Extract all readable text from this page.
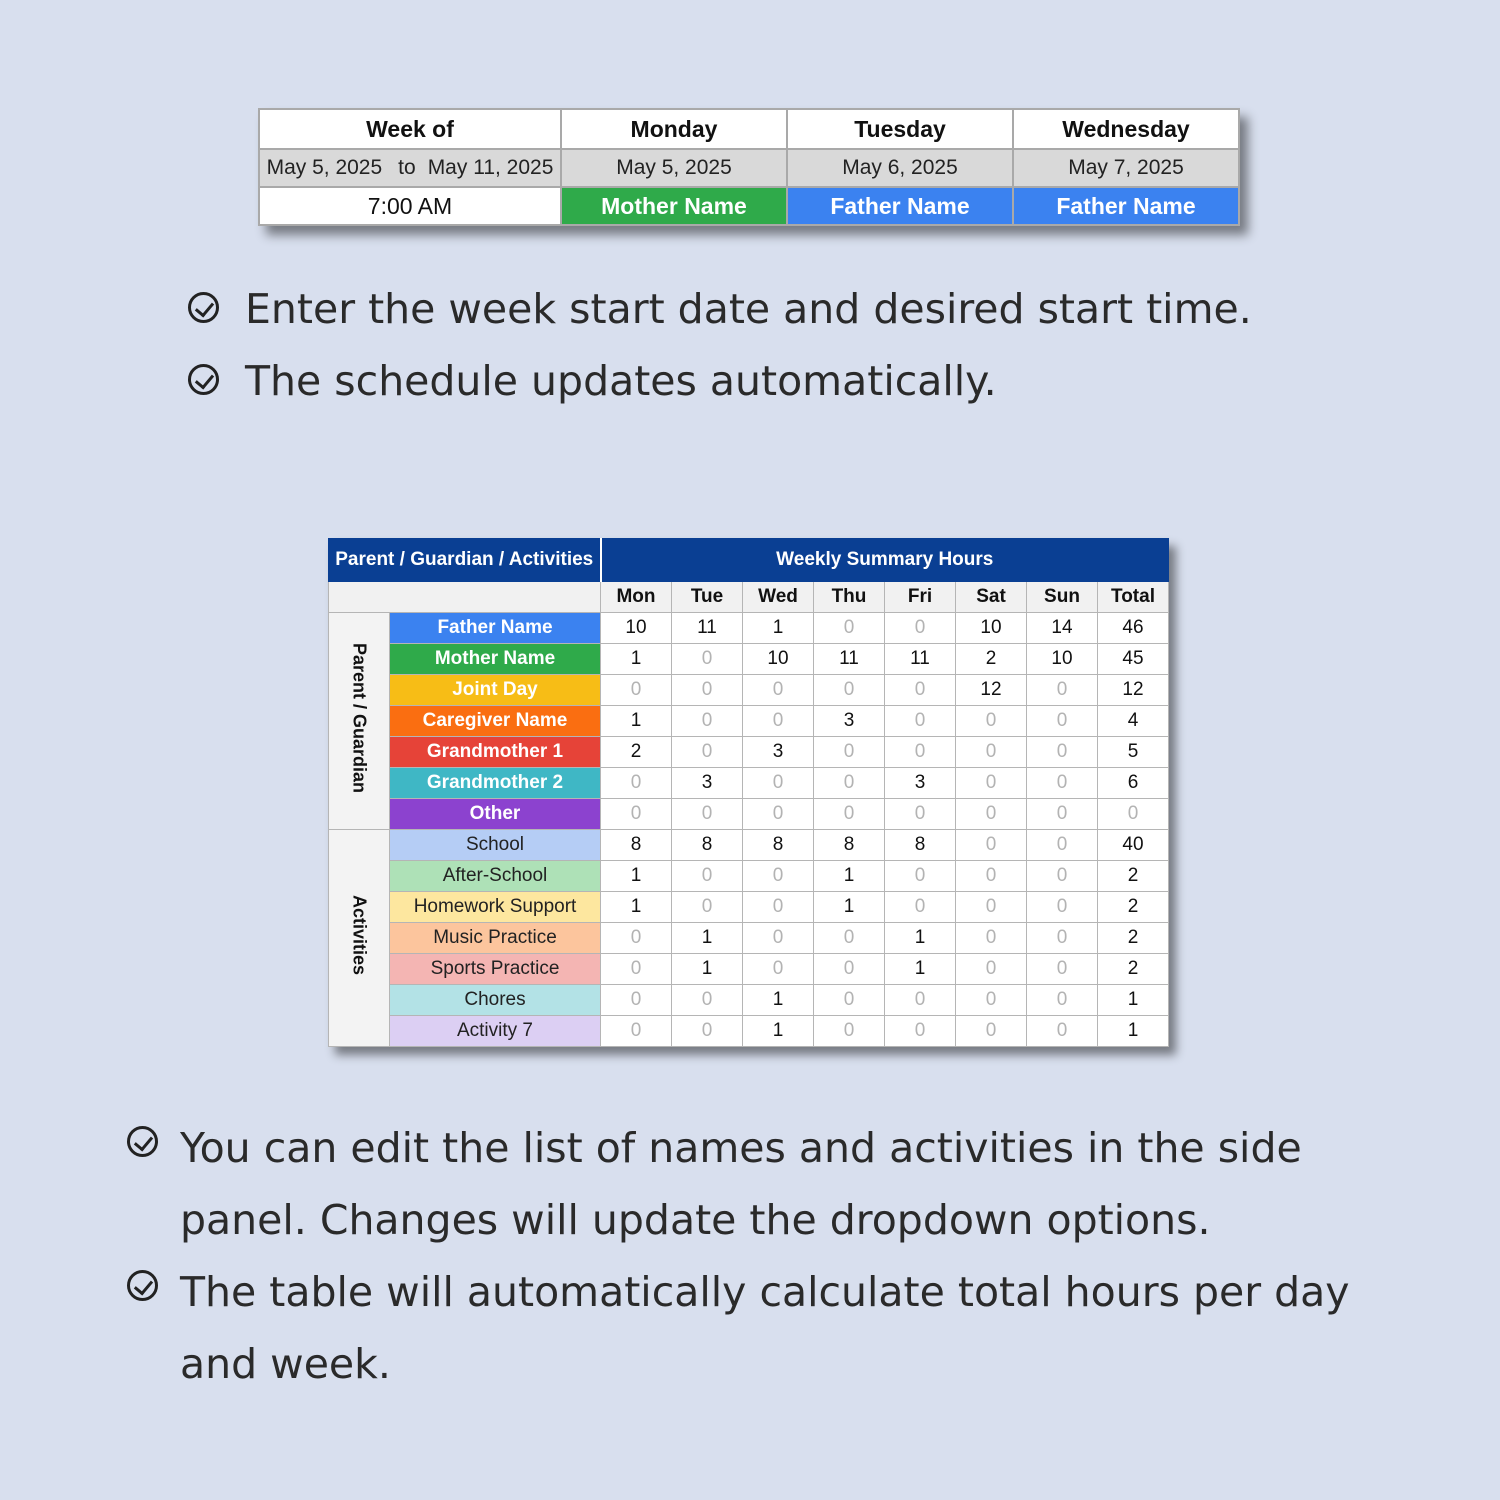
Week of	Monday	Tuesday	Wednesday
May 5, 2025 to May 11, 2025	May 5, 2025	May 6, 2025	May 7, 2025
7:00 AM	Mother Name	Father Name	Father Name
Enter the week start date and desired start time.
The schedule updates automatically.
Parent / Guardian / Activities		Weekly Summary Hours							
		Mon	Tue	Wed	Thu	Fri	Sat	Sun	Total
Parent / Guardian	Father Name	10	11	1	0	0	10	14	46
	Mother Name	1	0	10	11	11	2	10	45
	Joint Day	0	0	0	0	0	12	0	12
	Caregiver Name	1	0	0	3	0	0	0	4
	Grandmother 1	2	0	3	0	0	0	0	5
	Grandmother 2	0	3	0	0	3	0	0	6
	Other	0	0	0	0	0	0	0	0
Activities	School	8	8	8	8	8	0	0	40
	After-School	1	0	0	1	0	0	0	2
	Homework Support	1	0	0	1	0	0	0	2
	Music Practice	0	1	0	0	1	0	0	2
	Sports Practice	0	1	0	0	1	0	0	2
	Chores	0	0	1	0	0	0	0	1
	Activity 7	0	0	1	0	0	0	0	1
You can edit the list of names and activities in the side panel. Changes will update the dropdown options.
The table will automatically calculate total hours per day and week.
